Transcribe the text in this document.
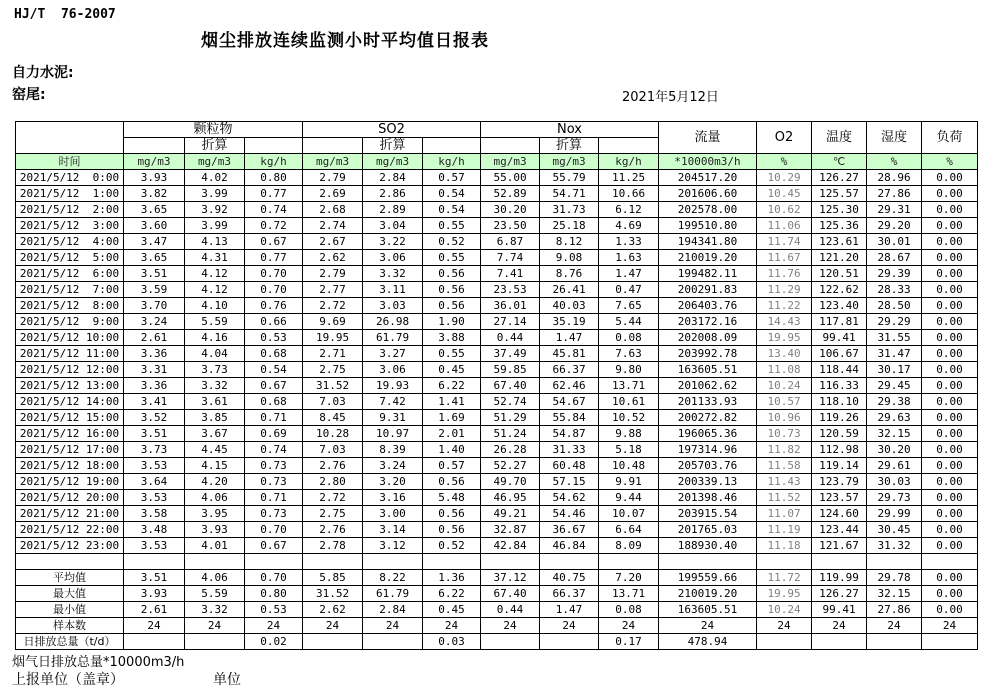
HJ/T  76-2007
烟尘排放连续监测小时平均值日报表
自力水泥:
窑尾:	2021年5月12日
	颗粒物			SO2			Nox			流量	O2	温度	湿度	负荷
		折算			折算			折算						
时间	mg/m3	mg/m3	kg/h	mg/m3	mg/m3	kg/h	mg/m3	mg/m3	kg/h	*10000m3/h	%	℃	%	%
2021/5/12  0:00	3.93	4.02	0.80	2.79	2.84	0.57	55.00	55.79	11.25	204517.20	10.29	126.27	28.96	0.00
2021/5/12  1:00	3.82	3.99	0.77	2.69	2.86	0.54	52.89	54.71	10.66	201606.60	10.45	125.57	27.86	0.00
2021/5/12  2:00	3.65	3.92	0.74	2.68	2.89	0.54	30.20	31.73	6.12	202578.00	10.62	125.30	29.31	0.00
2021/5/12  3:00	3.60	3.99	0.72	2.74	3.04	0.55	23.50	25.18	4.69	199510.80	11.06	125.36	29.20	0.00
2021/5/12  4:00	3.47	4.13	0.67	2.67	3.22	0.52	6.87	8.12	1.33	194341.80	11.74	123.61	30.01	0.00
2021/5/12  5:00	3.65	4.31	0.77	2.62	3.06	0.55	7.74	9.08	1.63	210019.20	11.67	121.20	28.67	0.00
2021/5/12  6:00	3.51	4.12	0.70	2.79	3.32	0.56	7.41	8.76	1.47	199482.11	11.76	120.51	29.39	0.00
2021/5/12  7:00	3.59	4.12	0.70	2.77	3.11	0.56	23.53	26.41	0.47	200291.83	11.29	122.62	28.33	0.00
2021/5/12  8:00	3.70	4.10	0.76	2.72	3.03	0.56	36.01	40.03	7.65	206403.76	11.22	123.40	28.50	0.00
2021/5/12  9:00	3.24	5.59	0.66	9.69	26.98	1.90	27.14	35.19	5.44	203172.16	14.43	117.81	29.29	0.00
2021/5/12 10:00	2.61	4.16	0.53	19.95	61.79	3.88	0.44	1.47	0.08	202008.09	19.95	99.41	31.55	0.00
2021/5/12 11:00	3.36	4.04	0.68	2.71	3.27	0.55	37.49	45.81	7.63	203992.78	13.40	106.67	31.47	0.00
2021/5/12 12:00	3.31	3.73	0.54	2.75	3.06	0.45	59.85	66.37	9.80	163605.51	11.08	118.44	30.17	0.00
2021/5/12 13:00	3.36	3.32	0.67	31.52	19.93	6.22	67.40	62.46	13.71	201062.62	10.24	116.33	29.45	0.00
2021/5/12 14:00	3.41	3.61	0.68	7.03	7.42	1.41	52.74	54.67	10.61	201133.93	10.57	118.10	29.38	0.00
2021/5/12 15:00	3.52	3.85	0.71	8.45	9.31	1.69	51.29	55.84	10.52	200272.82	10.96	119.26	29.63	0.00
2021/5/12 16:00	3.51	3.67	0.69	10.28	10.97	2.01	51.24	54.87	9.88	196065.36	10.73	120.59	32.15	0.00
2021/5/12 17:00	3.73	4.45	0.74	7.03	8.39	1.40	26.28	31.33	5.18	197314.96	11.82	112.98	30.20	0.00
2021/5/12 18:00	3.53	4.15	0.73	2.76	3.24	0.57	52.27	60.48	10.48	205703.76	11.58	119.14	29.61	0.00
2021/5/12 19:00	3.64	4.20	0.73	2.80	3.20	0.56	49.70	57.15	9.91	200339.13	11.43	123.79	30.03	0.00
2021/5/12 20:00	3.53	4.06	0.71	2.72	3.16	5.48	46.95	54.62	9.44	201398.46	11.52	123.57	29.73	0.00
2021/5/12 21:00	3.58	3.95	0.73	2.75	3.00	0.56	49.21	54.46	10.07	203915.54	11.07	124.60	29.99	0.00
2021/5/12 22:00	3.48	3.93	0.70	2.76	3.14	0.56	32.87	36.67	6.64	201765.03	11.19	123.44	30.45	0.00
2021/5/12 23:00	3.53	4.01	0.67	2.78	3.12	0.52	42.84	46.84	8.09	188930.40	11.18	121.67	31.32	0.00

平均值	3.51	4.06	0.70	5.85	8.22	1.36	37.12	40.75	7.20	199559.66	11.72	119.99	29.78	0.00
最大值	3.93	5.59	0.80	31.52	61.79	6.22	67.40	66.37	13.71	210019.20	19.95	126.27	32.15	0.00
最小值	2.61	3.32	0.53	2.62	2.84	0.45	0.44	1.47	0.08	163605.51	10.24	99.41	27.86	0.00
样本数	24	24	24	24	24	24	24	24	24	24	24	24	24	24
日排放总量（t/d）			0.02			0.03			0.17	478.94				
烟气日排放总量*10000m3/h
上报单位（盖章）	单位
